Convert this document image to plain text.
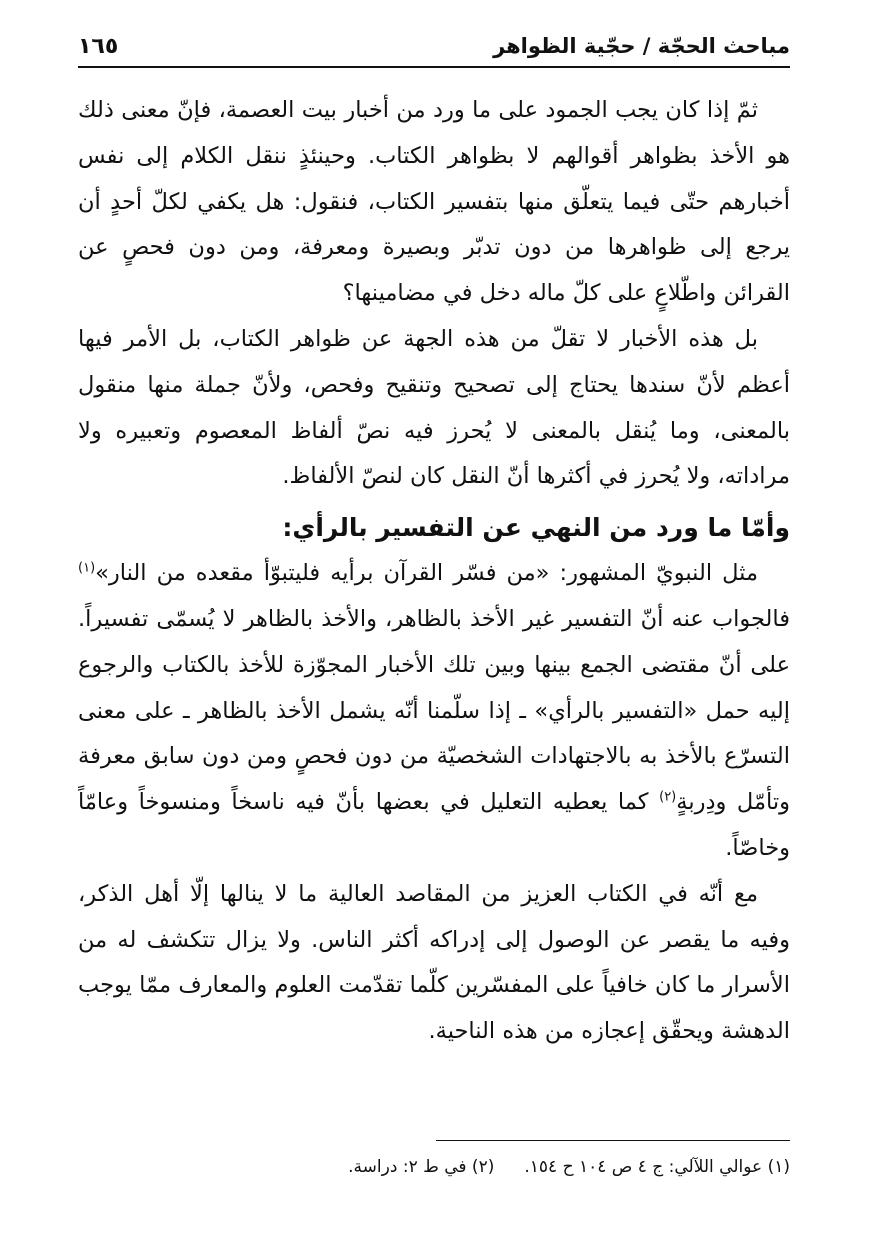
مباحث الحجّة / حجّية الظواهر
١٦٥

ثمّ إذا كان يجب الجمود على ما ورد من أخبار بيت العصمة، فإنّ معنى ذلك هو الأخذ بظواهر أقوالهم لا بظواهر الكتاب. وحينئذٍ ننقل الكلام إلى نفس أخبارهم حتّى فيما يتعلّق منها بتفسير الكتاب، فنقول: هل يكفي لكلّ أحدٍ أن يرجع إلى ظواهرها من دون تدبّر وبصيرة ومعرفة، ومن دون فحصٍ عن القرائن واطّلاعٍ على كلّ ماله دخل في مضامينها؟

بل هذه الأخبار لا تقلّ من هذه الجهة عن ظواهر الكتاب، بل الأمر فيها أعظم لأنّ سندها يحتاج إلى تصحيح وتنقيح وفحص، ولأنّ جملة منها منقول بالمعنى، وما يُنقل بالمعنى لا يُحرز فيه نصّ ألفاظ المعصوم وتعبيره ولا مراداته، ولا يُحرز في أكثرها أنّ النقل كان لنصّ الألفاظ.

وأمّا ما ورد من النهي عن التفسير بالرأي:

مثل النبويّ المشهور: «من فسّر القرآن برأيه فليتبوّأ مقعده من النار»$^{(١)}$ فالجواب عنه أنّ التفسير غير الأخذ بالظاهر، والأخذ بالظاهر لا يُسمّى تفسيراً. على أنّ مقتضى الجمع بينها وبين تلك الأخبار المجوّزة للأخذ بالكتاب والرجوع إليه حمل «التفسير بالرأي» ـ إذا سلّمنا أنّه يشمل الأخذ بالظاهر ـ على معنى التسرّع بالأخذ به بالاجتهادات الشخصيّة من دون فحصٍ ومن دون سابق معرفة وتأمّل ودِربةٍ$^{(٢)}$ كما يعطيه التعليل في بعضها بأنّ فيه ناسخاً ومنسوخاً وعامّاً وخاصّاً.

مع أنّه في الكتاب العزيز من المقاصد العالية ما لا ينالها إلّا أهل الذكر، وفيه ما يقصر عن الوصول إلى إدراكه أكثر الناس. ولا يزال تتكشف له من الأسرار ما كان خافياً على المفسّرين كلّما تقدّمت العلوم والمعارف ممّا يوجب الدهشة ويحقّق إعجازه من هذه الناحية.

(١) عوالي اللآلي: ج ٤ ص ١٠٤ ح ١٥٤.(٢) في ط ٢: دراسة.
